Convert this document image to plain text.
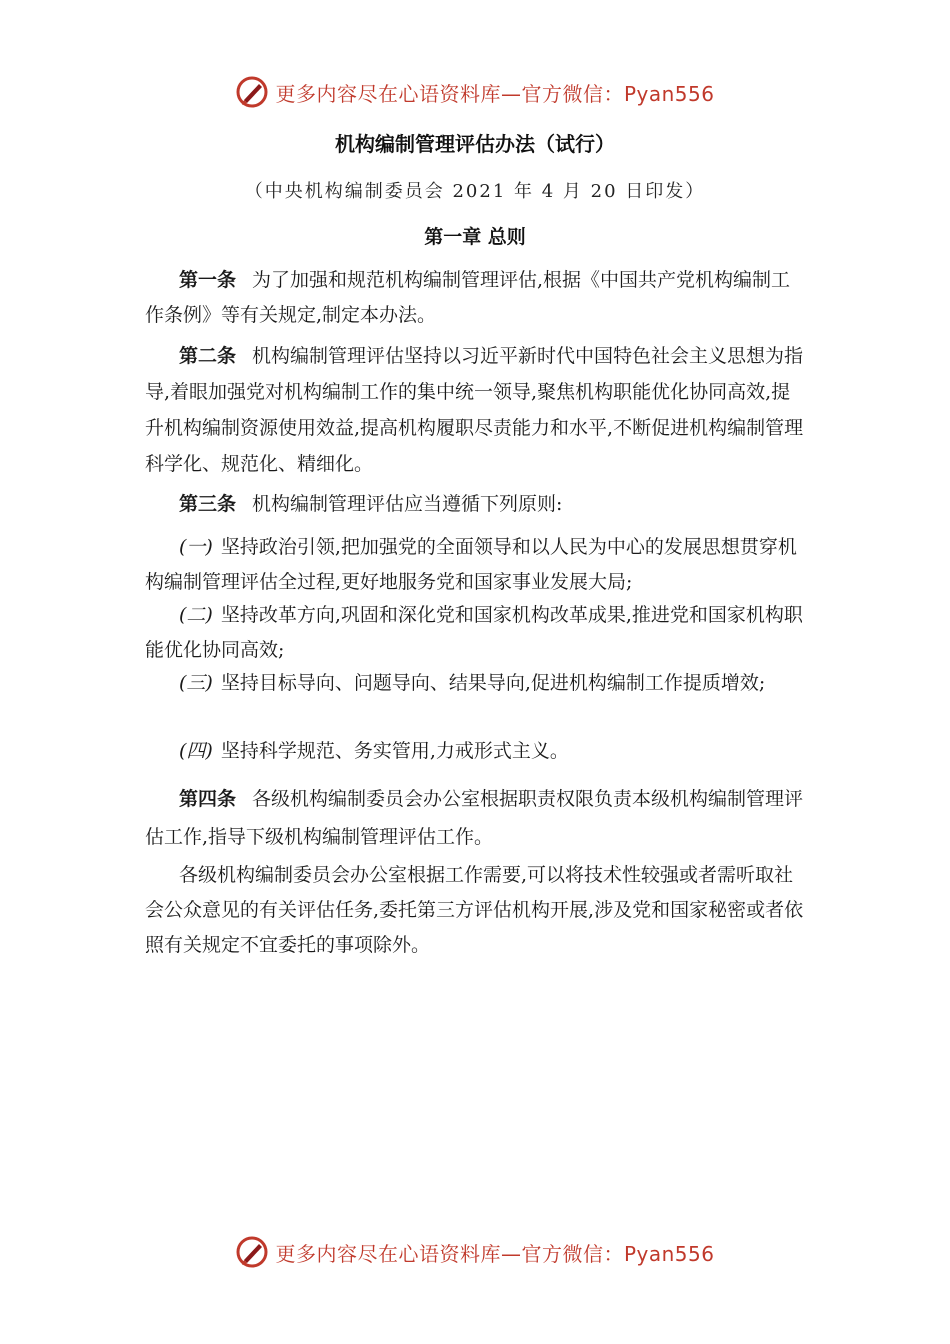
更多内容尽在心语资料库—官方微信：Pyan556
机构编制管理评估办法（试行）
（中央机构编制委员会 2021 年 4 月 20 日印发）
第一章 总则

第一条 为了加强和规范机构编制管理评估,根据《中国共产党机构编制工作条例》等有关规定,制定本办法。

第二条 机构编制管理评估坚持以习近平新时代中国特色社会主义思想为指导,着眼加强党对机构编制工作的集中统一领导,聚焦机构职能优化协同高效,提升机构编制资源使用效益,提高机构履职尽责能力和水平,不断促进机构编制管理科学化、规范化、精细化。

第三条 机构编制管理评估应当遵循下列原则:

(一) 坚持政治引领,把加强党的全面领导和以人民为中心的发展思想贯穿机构编制管理评估全过程,更好地服务党和国家事业发展大局;

(二) 坚持改革方向,巩固和深化党和国家机构改革成果,推进党和国家机构职能优化协同高效;

(三) 坚持目标导向、问题导向、结果导向,促进机构编制工作提质增效;

(四) 坚持科学规范、务实管用,力戒形式主义。

第四条 各级机构编制委员会办公室根据职责权限负责本级机构编制管理评估工作,指导下级机构编制管理评估工作。

各级机构编制委员会办公室根据工作需要,可以将技术性较强或者需听取社会公众意见的有关评估任务,委托第三方评估机构开展,涉及党和国家秘密或者依照有关规定不宜委托的事项除外。

更多内容尽在心语资料库—官方微信：Pyan556
